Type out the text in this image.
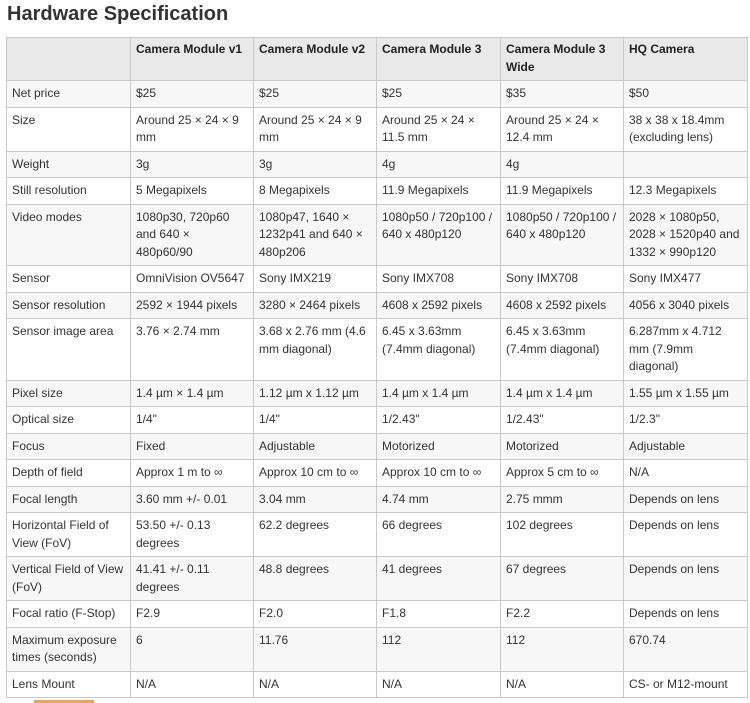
Hardware Specification
	Camera Module v1	Camera Module v2	Camera Module 3	Camera Module 3 Wide	HQ Camera
Net price	$25	$25	$25	$35	$50
Size	Around 25 × 24 × 9 mm	Around 25 × 24 × 9 mm	Around 25 × 24 × 11.5 mm	Around 25 × 24 × 12.4 mm	38 x 38 x 18.4mm (excluding lens)
Weight	3g	3g	4g	4g	
Still resolution	5 Megapixels	8 Megapixels	11.9 Megapixels	11.9 Megapixels	12.3 Megapixels
Video modes	1080p30, 720p60 and 640 × 480p60/90	1080p47, 1640 × 1232p41 and 640 × 480p206	1080p50 / 720p100 / 640 x 480p120	1080p50 / 720p100 / 640 x 480p120	2028 × 1080p50, 2028 × 1520p40 and 1332 × 990p120
Sensor	OmniVision OV5647	Sony IMX219	Sony IMX708	Sony IMX708	Sony IMX477
Sensor resolution	2592 × 1944 pixels	3280 × 2464 pixels	4608 x 2592 pixels	4608 x 2592 pixels	4056 x 3040 pixels
Sensor image area	3.76 × 2.74 mm	3.68 x 2.76 mm (4.6 mm diagonal)	6.45 x 3.63mm (7.4mm diagonal)	6.45 x 3.63mm (7.4mm diagonal)	6.287mm x 4.712 mm (7.9mm diagonal)
Pixel size	1.4 µm × 1.4 µm	1.12 µm x 1.12 µm	1.4 µm x 1.4 µm	1.4 µm x 1.4 µm	1.55 µm x 1.55 µm
Optical size	1/4"	1/4"	1/2.43"	1/2.43"	1/2.3"
Focus	Fixed	Adjustable	Motorized	Motorized	Adjustable
Depth of field	Approx 1 m to ∞	Approx 10 cm to ∞	Approx 10 cm to ∞	Approx 5 cm to ∞	N/A
Focal length	3.60 mm +/- 0.01	3.04 mm	4.74 mm	2.75 mmm	Depends on lens
Horizontal Field of View (FoV)	53.50 +/- 0.13 degrees	62.2 degrees	66 degrees	102 degrees	Depends on lens
Vertical Field of View (FoV)	41.41 +/- 0.11 degrees	48.8 degrees	41 degrees	67 degrees	Depends on lens
Focal ratio (F-Stop)	F2.9	F2.0	F1.8	F2.2	Depends on lens
Maximum exposure times (seconds)	6	11.76	112	112	670.74
Lens Mount	N/A	N/A	N/A	N/A	CS- or M12-mount
